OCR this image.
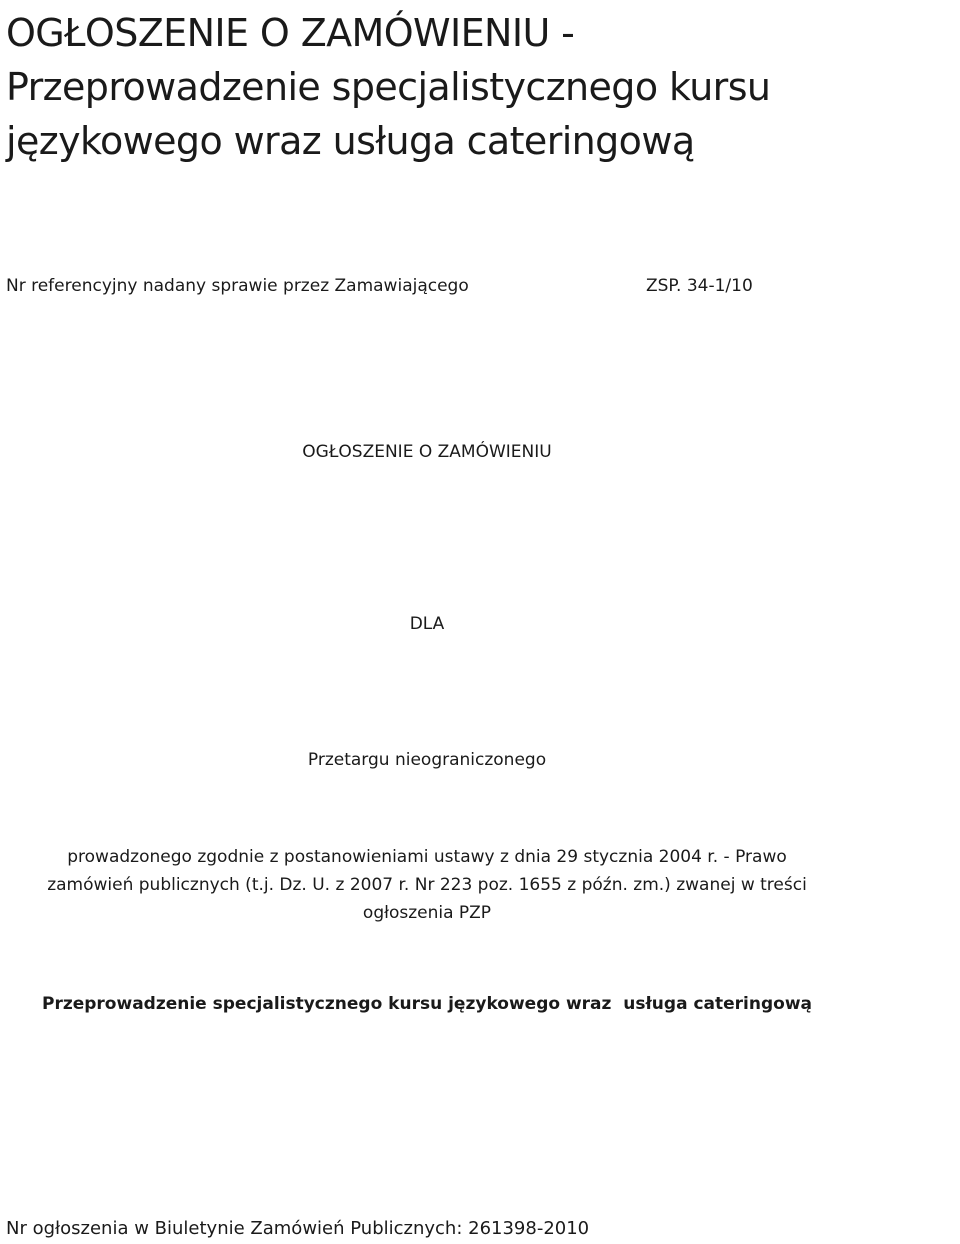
OGŁOSZENIE O ZAMÓWIENIU -
Przeprowadzenie specjalistycznego kursu
językowego wraz usługa cateringową
Nr referencyjny nadany sprawie przez Zamawiającego	ZSP. 34-1/10
OGŁOSZENIE O ZAMÓWIENIU
DLA
Przetargu nieograniczonego
prowadzonego zgodnie z postanowieniami ustawy z dnia 29 stycznia 2004 r. - Prawo
zamówień publicznych (t.j. Dz. U. z 2007 r. Nr 223 poz. 1655 z późn. zm.) zwanej w treści
ogłoszenia PZP
Przeprowadzenie specjalistycznego kursu językowego wraz  usługa cateringową
Nr ogłoszenia w Biuletynie Zamówień Publicznych: 261398-2010
